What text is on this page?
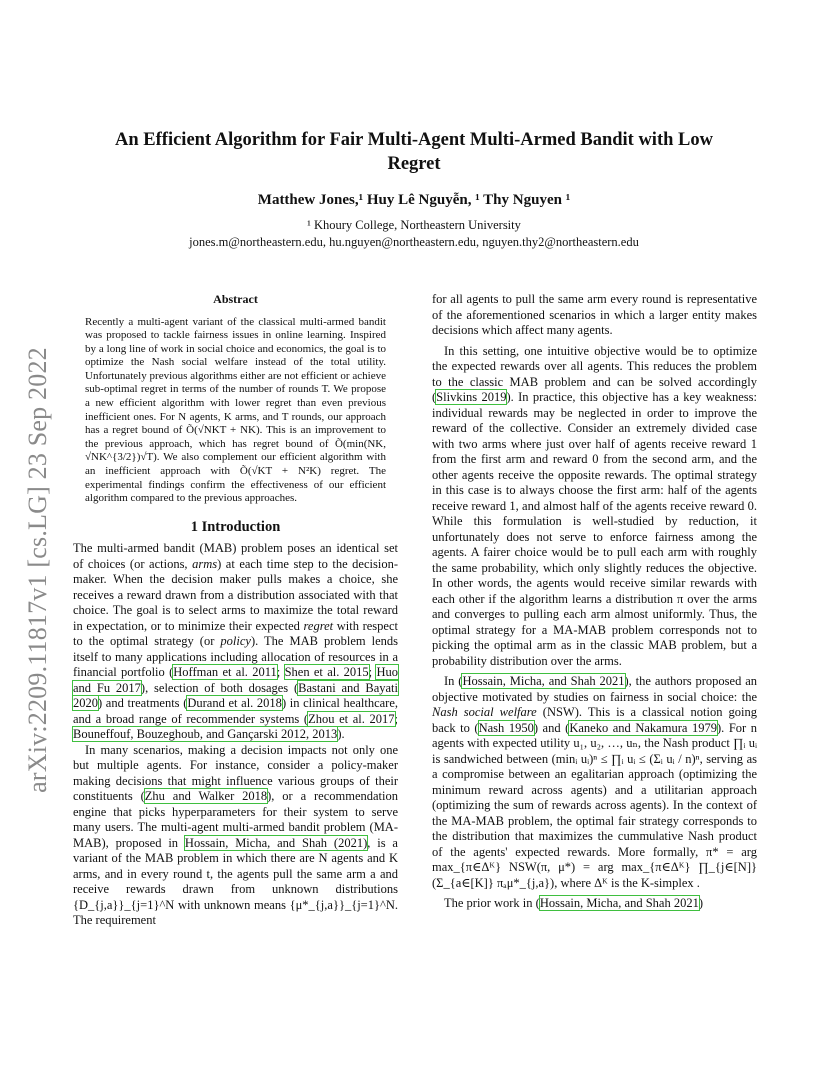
arXiv:2209.11817v1 [cs.LG] 23 Sep 2022
An Efficient Algorithm for Fair Multi-Agent Multi-Armed Bandit with Low Regret
Matthew Jones,¹ Huy Lê Nguyễn, ¹ Thy Nguyen ¹
¹ Khoury College, Northeastern University
jones.m@northeastern.edu, hu.nguyen@northeastern.edu, nguyen.thy2@northeastern.edu
Abstract

Recently a multi-agent variant of the classical multi-armed bandit was proposed to tackle fairness issues in online learning. Inspired by a long line of work in social choice and economics, the goal is to optimize the Nash social welfare instead of the total utility. Unfortunately previous algorithms either are not efficient or achieve sub-optimal regret in terms of the number of rounds T. We propose a new efficient algorithm with lower regret than even previous inefficient ones. For N agents, K arms, and T rounds, our approach has a regret bound of Õ(√NKT + NK). This is an improvement to the previous approach, which has regret bound of Õ(min(NK, √NK^{3/2})√T). We also complement our efficient algorithm with an inefficient approach with Õ(√KT + N²K) regret. The experimental findings confirm the effectiveness of our efficient algorithm compared to the previous approaches.

1 Introduction

The multi-armed bandit (MAB) problem poses an identical set of choices (or actions, arms) at each time step to the decision-maker. When the decision maker pulls makes a choice, she receives a reward drawn from a distribution associated with that choice. The goal is to select arms to maximize the total reward in expectation, or to minimize their expected regret with respect to the optimal strategy (or policy). The MAB problem lends itself to many applications including allocation of resources in a financial portfolio (Hoffman et al. 2011; Shen et al. 2015; Huo and Fu 2017), selection of both dosages (Bastani and Bayati 2020) and treatments (Durand et al. 2018) in clinical healthcare, and a broad range of recommender systems (Zhou et al. 2017; Bouneffouf, Bouzeghoub, and Gançarski 2012, 2013).

In many scenarios, making a decision impacts not only one but multiple agents. For instance, consider a policy-maker making decisions that might influence various groups of their constituents (Zhu and Walker 2018), or a recommendation engine that picks hyperparameters for their system to serve many users. The multi-agent multi-armed bandit problem (MA-MAB), proposed in Hossain, Micha, and Shah (2021), is a variant of the MAB problem in which there are N agents and K arms, and in every round t, the agents pull the same arm a and receive rewards drawn from unknown distributions {D_{j,a}}_{j=1}^N with unknown means {μ*_{j,a}}_{j=1}^N. The requirement

for all agents to pull the same arm every round is representative of the aforementioned scenarios in which a larger entity makes decisions which affect many agents.

In this setting, one intuitive objective would be to optimize the expected rewards over all agents. This reduces the problem to the classic MAB problem and can be solved accordingly (Slivkins 2019). In practice, this objective has a key weakness: individual rewards may be neglected in order to improve the reward of the collective. Consider an extremely divided case with two arms where just over half of agents receive reward 1 from the first arm and reward 0 from the second arm, and the other agents receive the opposite rewards. The optimal strategy in this case is to always choose the first arm: half of the agents receive reward 1, and almost half of the agents receive reward 0. While this formulation is well-studied by reduction, it unfortunately does not serve to enforce fairness among the agents. A fairer choice would be to pull each arm with roughly the same probability, which only slightly reduces the objective. In other words, the agents would receive similar rewards with each other if the algorithm learns a distribution π over the arms and converges to pulling each arm almost uniformly. Thus, the optimal strategy for a MA-MAB problem corresponds not to picking the optimal arm as in the classic MAB problem, but a probability distribution over the arms.

In (Hossain, Micha, and Shah 2021), the authors proposed an objective motivated by studies on fairness in social choice: the Nash social welfare (NSW). This is a classical notion going back to (Nash 1950) and (Kaneko and Nakamura 1979). For n agents with expected utility u₁, u₂, …, uₙ, the Nash product ∏ᵢ uᵢ is sandwiched between (minᵢ uᵢ)ⁿ ≤ ∏ᵢ uᵢ ≤ (Σᵢ uᵢ / n)ⁿ, serving as a compromise between an egalitarian approach (optimizing the minimum reward across agents) and a utilitarian approach (optimizing the sum of rewards across agents). In the context of the MA-MAB problem, the optimal fair strategy corresponds to the distribution that maximizes the cummulative Nash product of the agents' expected rewards. More formally, π* = arg max_{π∈Δᴷ} NSW(π, μ*) = arg max_{π∈Δᴷ} ∏_{j∈[N]} (Σ_{a∈[K]} πₐμ*_{j,a}), where Δᴷ is the K-simplex .

The prior work in (Hossain, Micha, and Shah 2021)
